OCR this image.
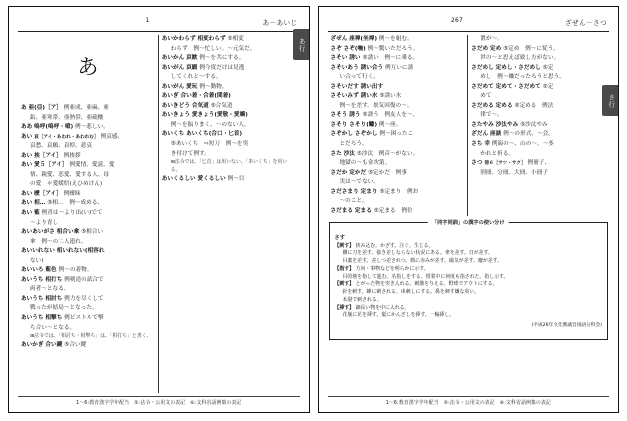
1	あ－あいじ
あ

あ 亜(亞)［ア］ 例亜成、亜麻、亜

鉛、亜寒帯、亜熱帯、亜硫酸

ああ 嗚呼(嗚呼・噫) 例〜悲しい。

あい 哀［アイ・あわれ・あわれむ］ 例哀感、

哀愁、哀願、哀悼、悲哀

あい 挨［アイ］ 例挨拶

あい 愛５［アイ］ 例愛情、愛読、愛

情、親愛、恋愛、愛する人、母

の愛　＊愛媛県(えひめけん)

あい 曖［アイ］ 例曖昧

あい 相… ⑤相…　例〜成める、

あい 藍 例青は〜より出(い)でて

〜より青し

あいあいがさ 相合い傘 ⑤相合い

傘　例〜の二人連れ。

あいいれない 相いれない(相容れ

ない)

あいいろ 藍色 例〜の着物。

あいうち 相打ち 例剣道の試合で

両者〜となる。

あいうち 相討ち 例力を尽くして

戦ったが結局〜となった。

あいうち 相撃ち 例ピストルで撃

ち合い〜となる。

⊞法令では、「相討ち・相撃ち」は、「相打ち」と書く。

あいかぎ 合い鍵 ⑤合い鍵

あいかわらず 相変わらず ⑤相変

わらず　例〜忙しい。〜元気だ。

あいかん 哀歓 例〜を共にする。

あいがん 哀願 例今度だけは見逃

してくれと〜する。

あいがん 愛玩 例〜動物。

あいぎ 合い着・合着(間着)

あいきどう 合気道 ⑤合気道

あいきょう 愛きょう(愛敬・愛嬌)

例〜を振りまく。〜のない人。

あいくち あいくち(合口・匕首)

⑤あいくち　⇨短刀　例〜を突

き付けて例す。

⊞法令では、「匕首」は用いない。「あいくち」を用いる。

あいくるしい 愛くるしい 例〜目

1〜6:教育漢字学年配当　⑤:法令・公用文の表記　⑥:文科省語例集の表記
あ行
267	ざぜん－さつ

ざぜん 座禅(坐禅) 例〜を組む。

さぞ さぞ(嘸) 例〜驚いただろう。

さそい 誘い ⑤誘い　例〜に乗る。

さそいあう 誘い合う 例互いに誘

い合って行く。

さそいだす 誘い出す

さそいみず 誘い水 ⑤誘い水

例〜を差す。景気回復の〜。

さそう 誘う ⑤誘う　例友人を〜。

さそり さそり(蠍) 例〜座。

さぞかし さぞかし 例〜困ったこ

とだろう。

さた 沙汰 ⑤沙汰　例音〜がない。

地獄の〜も金次第。

さだか 定かだ ⑤定かだ　例事

実は〜でない。

さださまり 定まり ⑤定まり　例お

〜のこと。

さだまる 定まる ⑤定まる　例位

置が〜。

さだめ 定め ⑤定め　例〜に従う。

世の〜と思えば致し方がない。

さだめし 定めし・さだめし ⑤定

めし　例〜嫌だったろうと思う。

さだめて 定めて・さだめて ⑤定

めて

さだめる 定める ⑤定める　例法

律で〜。

さたやみ 沙汰やみ ⑤沙汰やみ

ざだん 座談 例〜の形式、〜会。

さち 幸 例海の〜、山の〜。〜多

かれと祈る。

さつ 冊６［サツ・サク］ 例冊子、

別冊、分冊、大冊、小冊子

「同字同訓」の漢字の使い分け

さす

【刺す】 挟み込む。かざす。注ぐ。生じる。

腰に刀を差す。抜き差しならない状況にある。傘を差す。日が差す。

目薬を差す。差しつ差されつ。顔に赤みが差す。磁気が差す。魔が差す。

【指す】 方向・事物などを明らかに示す。

目的地を指して進む。名指しをする。授業中に何度も指された。指し示す。

【刺す】 とがった物を突き入れる。刺激を与える。野球でアウトにする。

針を刺す。蜂に刺される。串刺しにする。鼻を刺す嫌な臭い。

本塁で刺される。

【挿す】 細長い物を中に入れる。

花瓶に花を挿す。髪にかんざしを挿す。一輪挿し。

(平成26年文化審議会国語分科会)

1〜6:教育漢字学年配当　⑤:法令・公用文の表記　⑥:文科省語例集の表記
さ行
